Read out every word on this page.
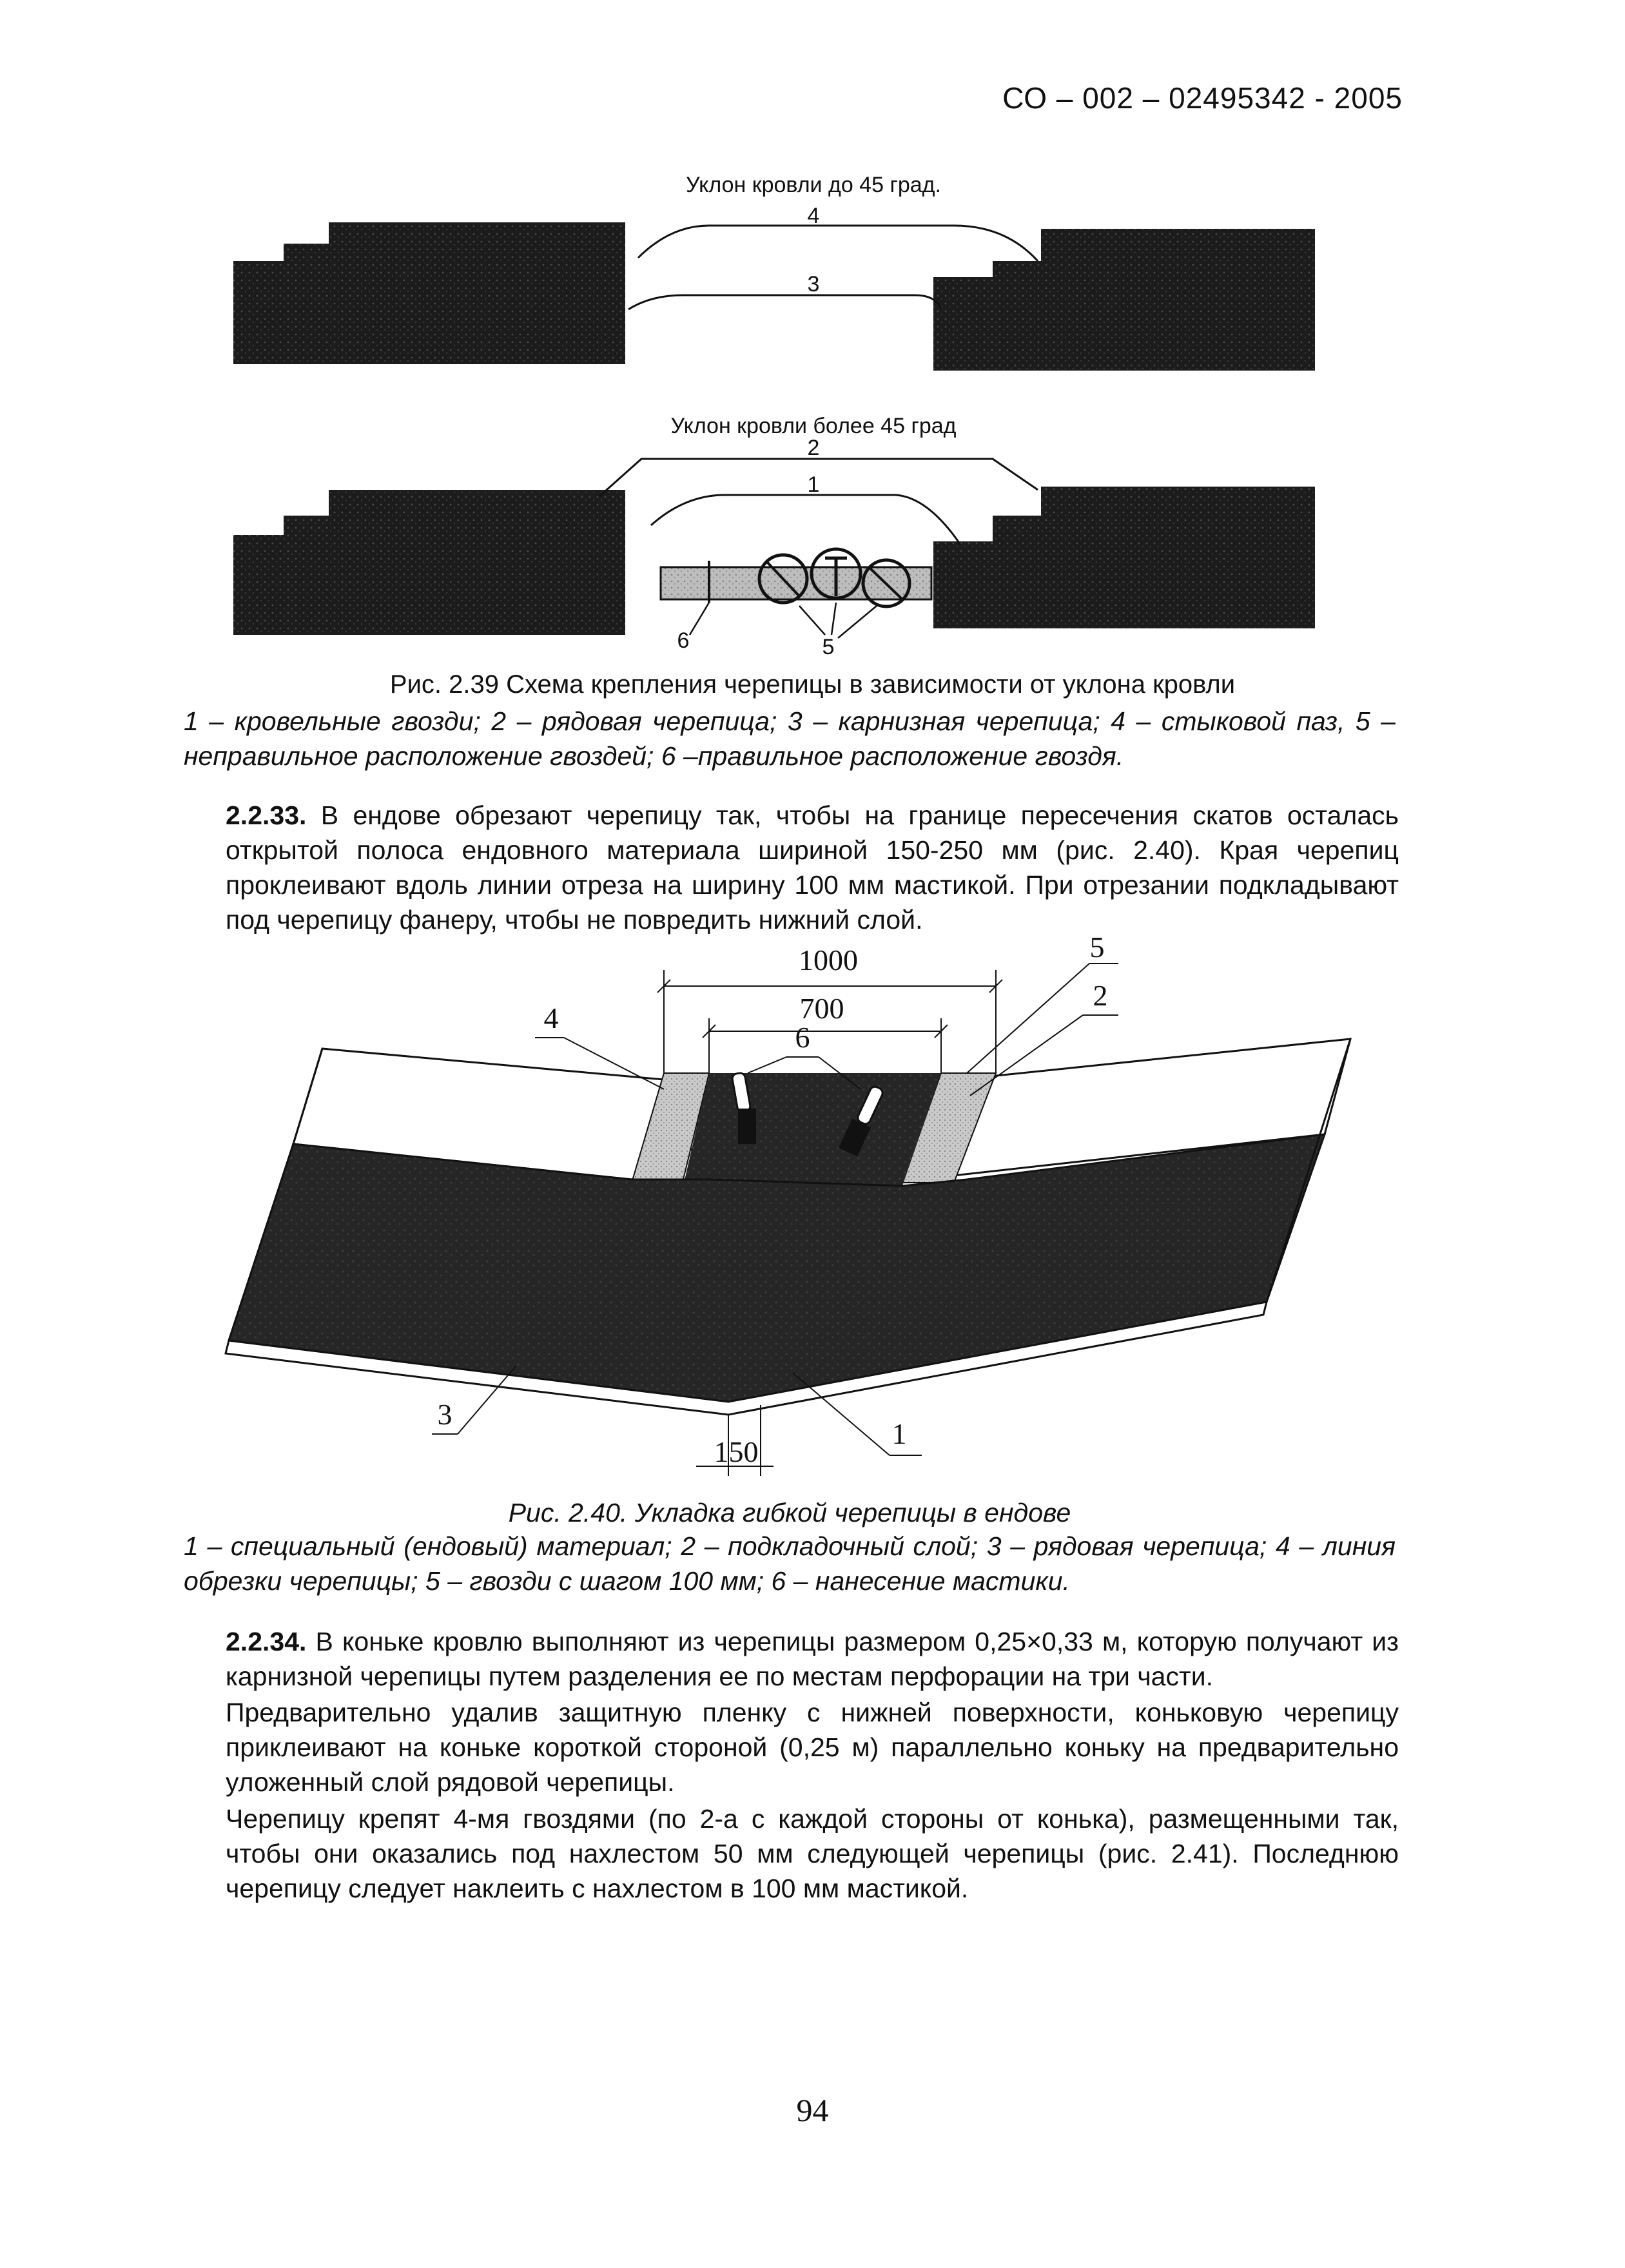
СО – 002 – 02495342 - 2005
Уклон кровли до 45 град.
4
3
Уклон кровли более 45 град
2
1
6	5
Рис. 2.39 Схема крепления черепицы в зависимости от уклона кровли
1 – кровельные гвозди; 2 – рядовая черепица; 3 – карнизная черепица; 4 – стыковой паз, 5 – неправильное расположение гвоздей; 6 –правильное расположение гвоздя.
2.2.33. В ендове обрезают черепицу так, чтобы на границе пересечения скатов осталась открытой полоса ендовного материала шириной 150-250 мм (рис. 2.40). Края черепиц проклеивают вдоль линии отреза на ширину 100 мм мастикой. При отрезании подкладывают под черепицу фанеру, чтобы не повредить нижний слой.
1000
700
5
2
4
6
150
3
1
Рис. 2.40. Укладка гибкой черепицы в ендове
1 – специальный (ендовый) материал; 2 – подкладочный слой; 3 – рядовая черепица; 4 – линия обрезки черепицы; 5 – гвозди с шагом 100 мм; 6 – нанесение мастики.
2.2.34. В коньке кровлю выполняют из черепицы размером 0,25×0,33 м, которую получают из карнизной черепицы путем разделения ее по местам перфорации на три части.
Предварительно удалив защитную пленку с нижней поверхности, коньковую черепицу приклеивают на коньке короткой стороной (0,25 м) параллельно коньку на предварительно уложенный слой рядовой черепицы.
Черепицу крепят 4-мя гвоздями (по 2-а с каждой стороны от конька), размещенными так, чтобы они оказались под нахлестом 50 мм следующей черепицы (рис. 2.41). Последнюю черепицу следует наклеить с нахлестом в 100 мм мастикой.
94
